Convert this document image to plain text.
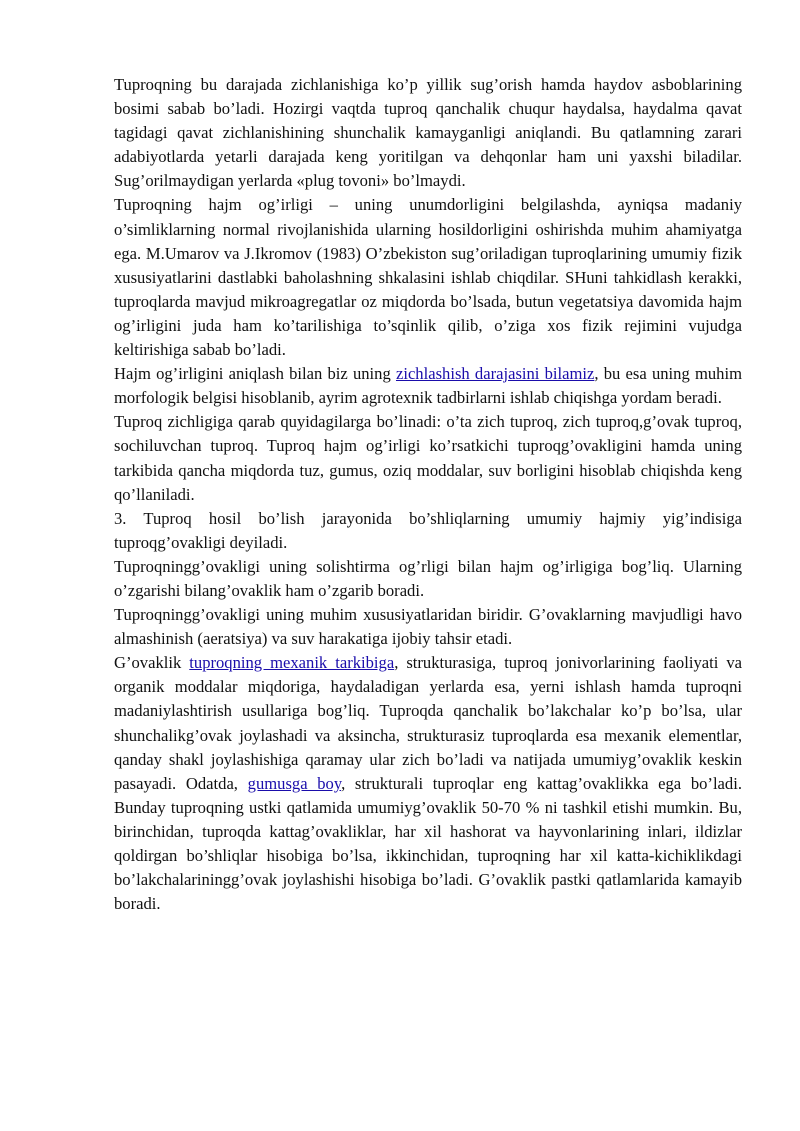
Tuproqning bu darajada zichlanishiga ko’p yillik sug’orish hamda haydov asboblarining bosimi sabab bo’ladi. Hozirgi vaqtda tuproq qanchalik chuqur haydalsa, haydalma qavat tagidagi qavat zichlanishining shunchalik kamayganligi aniqlandi. Bu qatlamning zarari adabiyotlarda yetarli darajada keng yoritilgan va dehqonlar ham uni yaxshi biladilar. Sug’orilmaydigan yerlarda «plug tovoni» bo’lmaydi.

Tuproqning hajm og’irligi – uning unumdorligini belgilashda, ayniqsa madaniy o’simliklarning normal rivojlanishida ularning hosildorligini oshirishda muhim ahamiyatga ega. M.Umarov va J.Ikromov (1983) O’zbekiston sug’oriladigan tuproqlarining umumiy fizik xususiyatlarini dastlabki baholashning shkalasini ishlab chiqdilar. SHuni tahkidlash kerakki, tuproqlarda mavjud mikroagregatlar oz miqdorda bo’lsada, butun vegetatsiya davomida hajm og’irligini juda ham ko’tarilishiga to’sqinlik qilib, o’ziga xos fizik rejimini vujudga keltirishiga sabab bo’ladi.

Hajm og’irligini aniqlash bilan biz uning zichlashish darajasini bilamiz, bu esa uning muhim morfologik belgisi hisoblanib, ayrim agrotexnik tadbirlarni ishlab chiqishga yordam beradi.

Tuproq zichligiga qarab quyidagilarga bo’linadi: o’ta zich tuproq, zich tuproq,g’ovak tuproq, sochiluvchan tuproq. Tuproq hajm og’irligi ko’rsatkichi tuproqg’ovakligini hamda uning tarkibida qancha miqdorda tuz, gumus, oziq moddalar, suv borligini hisoblab chiqishda keng qo’llaniladi.

3. Tuproq hosil bo’lish jarayonida bo’shliqlarning umumiy hajmiy yig’indisiga tuproqg’ovakligi deyiladi.

Tuproqningg’ovakligi uning solishtirma og’rligi bilan hajm og’irligiga bog’liq. Ularning o’zgarishi bilang’ovaklik ham o’zgarib boradi.

Tuproqningg’ovakligi uning muhim xususiyatlaridan biridir. G’ovaklarning mavjudligi havo almashinish (aeratsiya) va suv harakatiga ijobiy tahsir etadi.

G’ovaklik tuproqning mexanik tarkibiga, strukturasiga, tuproq jonivorlarining faoliyati va organik moddalar miqdoriga, haydaladigan yerlarda esa, yerni ishlash hamda tuproqni madaniylashtirish usullariga bog’liq. Tuproqda qanchalik bo’lakchalar ko’p bo’lsa, ular shunchalikg’ovak joylashadi va aksincha, strukturasiz tuproqlarda esa mexanik elementlar, qanday shakl joylashishiga qaramay ular zich bo’ladi va natijada umumiyg’ovaklik keskin pasayadi. Odatda, gumusga boy, strukturali tuproqlar eng kattag’ovaklikka ega bo’ladi. Bunday tuproqning ustki qatlamida umumiyg’ovaklik 50-70 % ni tashkil etishi mumkin. Bu, birinchidan, tuproqda kattag’ovakliklar, har xil hashorat va hayvonlarining inlari, ildizlar qoldirgan bo’shliqlar hisobiga bo’lsa, ikkinchidan, tuproqning har xil katta-kichiklikdagi bo’lakchalariningg’ovak joylashishi hisobiga bo’ladi. G’ovaklik pastki qatlamlarida kamayib boradi.
